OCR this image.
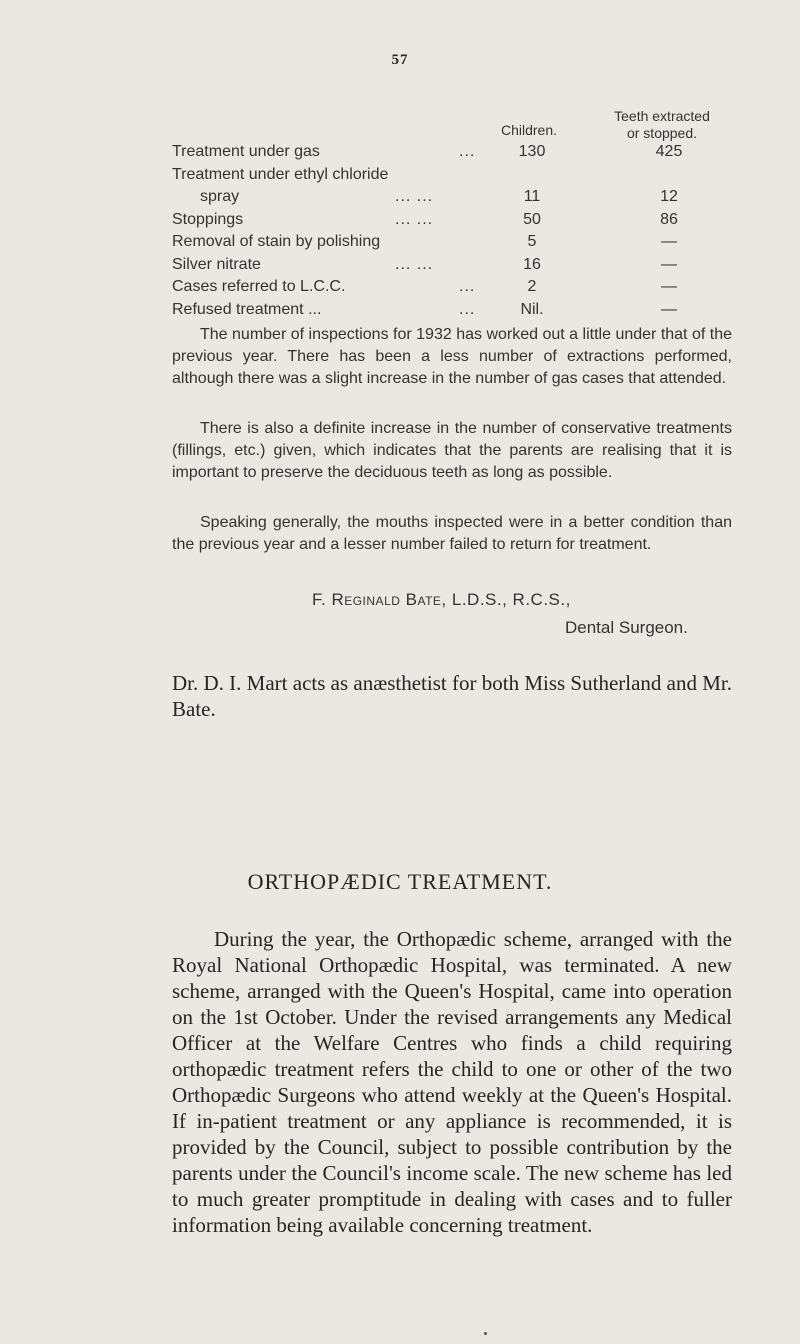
57
Children.
Teeth extracted
or stopped.
Treatment under gas	...	130	425
Treatment under ethyl chloride
spray	... ...	11	12
Stoppings	... ...	50	86
Removal of stain by polishing	5	—
Silver nitrate	... ...	16	—
Cases referred to L.C.C.	...	2	—
Refused treatment ...	...	Nil.	—

The number of inspections for 1932 has worked out a little under that of the previous year. There has been a less number of extractions performed, although there was a slight increase in the number of gas cases that attended.

There is also a definite increase in the number of conservative treatments (fillings, etc.) given, which indicates that the parents are realising that it is important to preserve the deciduous teeth as long as possible.

Speaking generally, the mouths inspected were in a better condition than the previous year and a lesser number failed to return for treatment.

F. Reginald Bate, L.D.S., R.C.S.,
Dental Surgeon.

Dr. D. I. Mart acts as anæsthetist for both Miss Sutherland and Mr. Bate.

ORTHOPÆDIC TREATMENT.

During the year, the Orthopædic scheme, arranged with the Royal National Orthopædic Hospital, was terminated. A new scheme, arranged with the Queen's Hospital, came into operation on the 1st October. Under the revised arrangements any Medical Officer at the Welfare Centres who finds a child requiring orthopædic treatment refers the child to one or other of the two Orthopædic Surgeons who attend weekly at the Queen's Hospital. If in-patient treatment or any appliance is recommended, it is provided by the Council, subject to possible contribution by the parents under the Council's income scale. The new scheme has led to much greater promptitude in dealing with cases and to fuller information being available concerning treatment.
